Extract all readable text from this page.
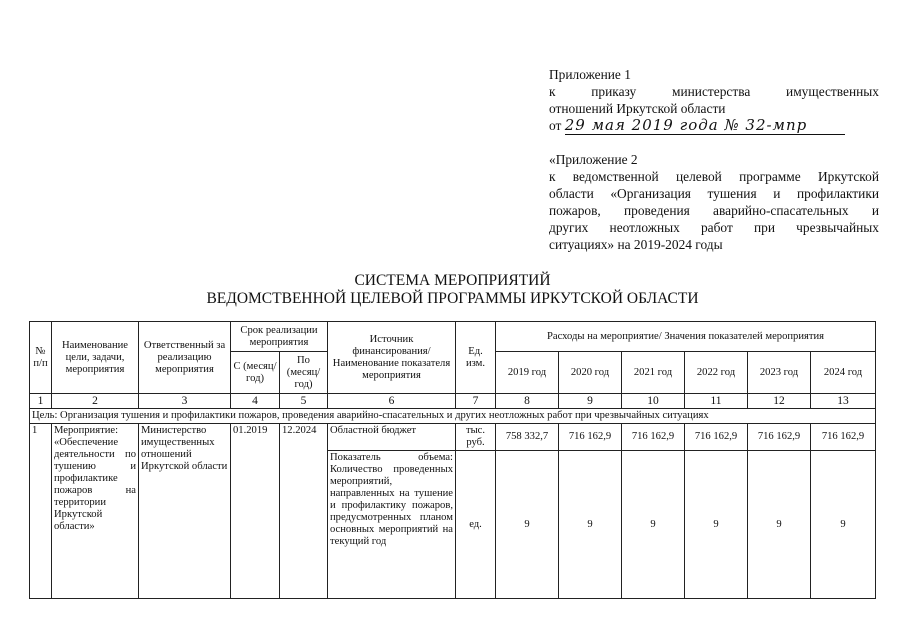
Приложение 1
к	приказу	министерства	имущественных
отношений Иркутской области
от 29 мая 2019 года № 32-мпр
«Приложение 2
к ведомственной целевой программе Иркутской
области «Организация тушения и профилактики
пожаров, проведения аварийно-спасательных и
других неотложных работ при чрезвычайных
ситуациях» на 2019-2024 годы
СИСТЕМА МЕРОПРИЯТИЙ
ВЕДОМСТВЕННОЙ ЦЕЛЕВОЙ ПРОГРАММЫ ИРКУТСКОЙ ОБЛАСТИ
№ п/п	Наименование цели, задачи, мероприятия	Ответственный за реализацию мероприятия	Срок реализации мероприятия		Источник финансирования/ Наименование показателя мероприятия	Ед. изм.	Расходы на мероприятие/ Значения показателей мероприятия					
			С (месяц/ год)	По (месяц/ год)			2019 год	2020 год	2021 год	2022 год	2023 год	2024 год
1	2	3	4	5	6	7	8	9	10	11	12	13
Цель: Организация тушения и профилактики пожаров, проведения аварийно-спасательных и других неотложных работ при чрезвычайных ситуациях												
1	Мероприятие: «Обеспечение деятельности по тушению и профилактике пожаров на территории Иркутской области»	Министерство имущественных отношений Иркутской области	01.2019	12.2024	Областной бюджет	тыс. руб.	758 332,7	716 162,9	716 162,9	716 162,9	716 162,9	716 162,9
					Показатель объема: Количество проведенных мероприятий, направленных на тушение и профилактику пожаров, предусмотренных планом основных мероприятий на текущий год	ед.	9	9	9	9	9	9
